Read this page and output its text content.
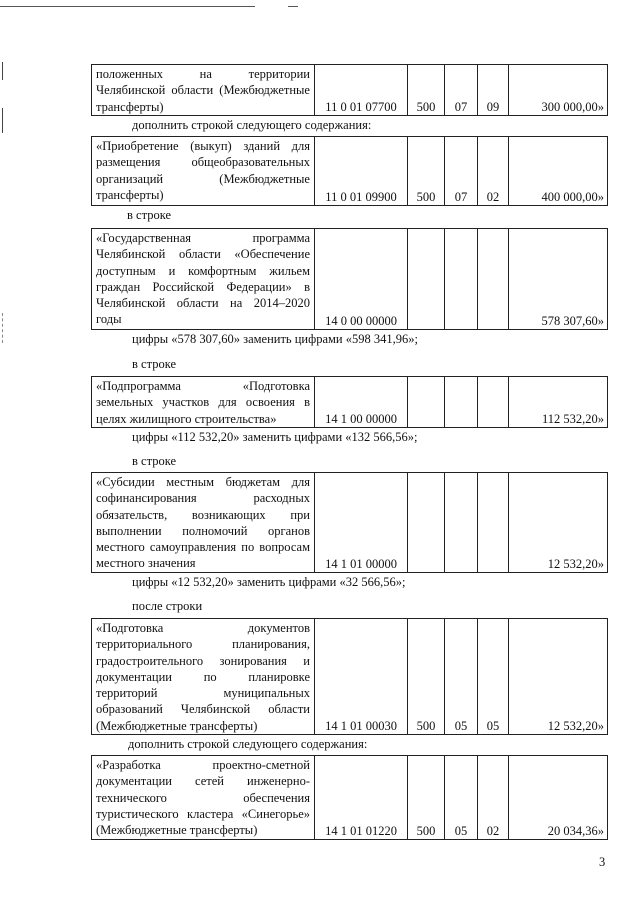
положенных на территории Челябинской области (Межбюджетные трансферты)	11 0 01 07700	500	07	09	300 000,00»
дополнить строкой следующего содержания:
«Приобретение (выкуп) зданий для размещения общеобразовательных организаций (Межбюджетные трансферты)	11 0 01 09900	500	07	02	400 000,00»
в строке
«Государственная программа Челябинской области «Обеспечение доступным и комфортным жильем граждан Российской Федерации» в Челябинской области на 2014–2020 годы	14 0 00 00000				578 307,60»
цифры «578 307,60» заменить цифрами «598 341,96»;
в строке
«Подпрограмма «Подготовка земельных участков для освоения в целях жилищного строительства»	14 1 00 00000				112 532,20»
цифры «112 532,20» заменить цифрами «132 566,56»;
в строке
«Субсидии местным бюджетам для софинансирования расходных обязательств, возникающих при выполнении полномочий органов местного самоуправления по вопросам местного значения	14 1 01 00000				12 532,20»
цифры «12 532,20» заменить цифрами «32 566,56»;
после строки
«Подготовка документов территориального планирования, градостроительного зонирования и документации по планировке территорий муниципальных образований Челябинской области (Межбюджетные трансферты)	14 1 01 00030	500	05	05	12 532,20»
дополнить строкой следующего содержания:
«Разработка проектно-сметной документации сетей инженерно-технического обеспечения туристического кластера «Синегорье» (Межбюджетные трансферты)	14 1 01 01220	500	05	02	20 034,36»
3
